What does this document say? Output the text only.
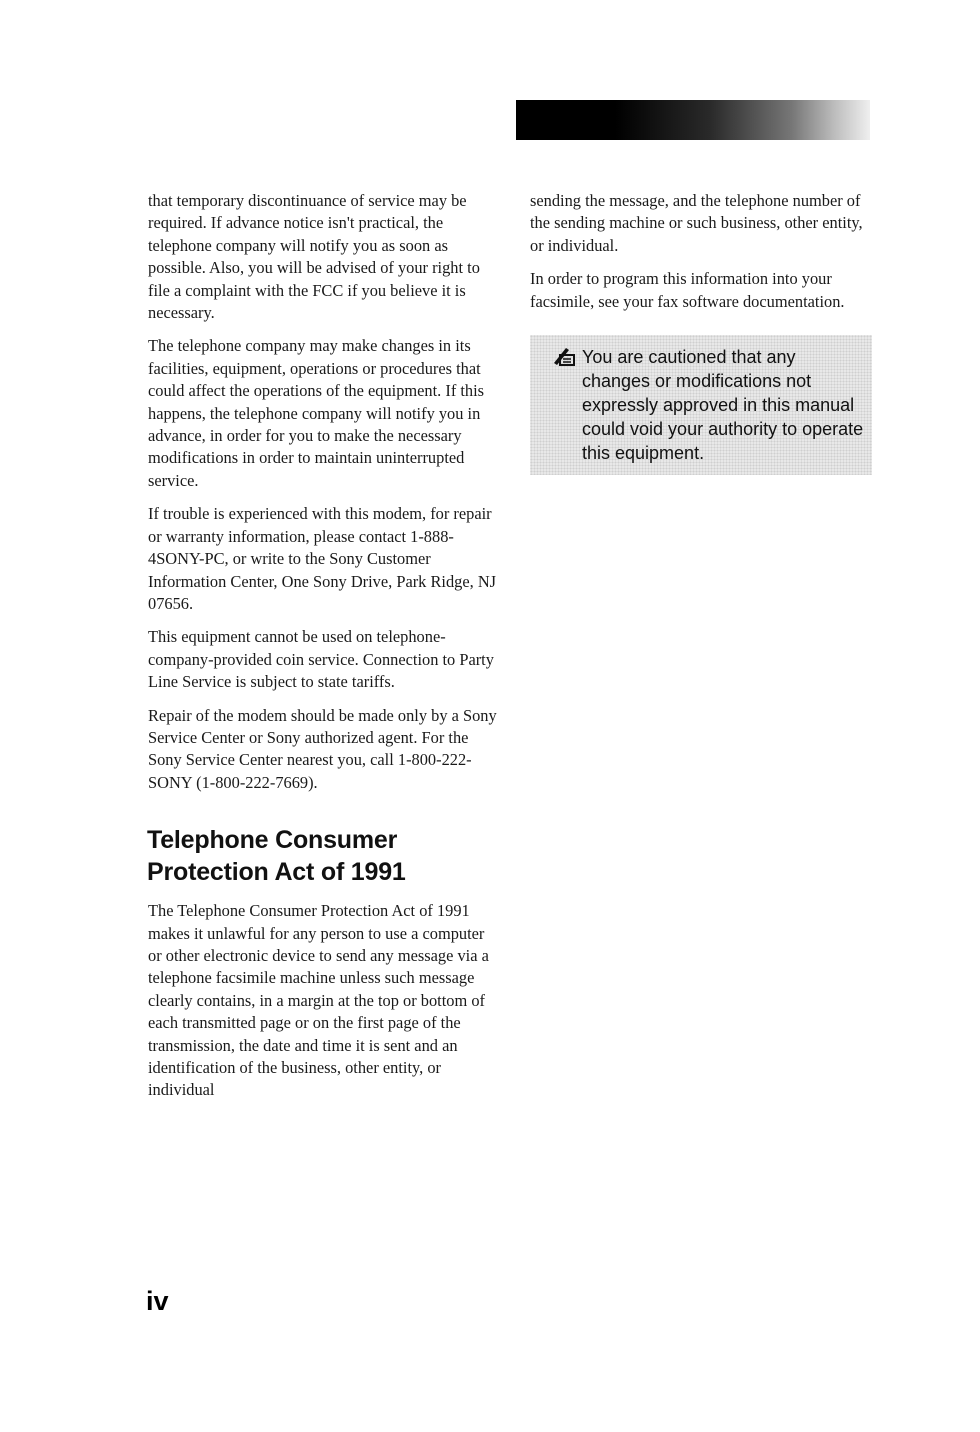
that temporary discontinuance of service may be required. If advance notice isn't practical, the telephone company will notify you as soon as possible. Also, you will be advised of your right to file a complaint with the FCC if you believe it is necessary.

The telephone company may make changes in its facilities, equipment, operations or procedures that could affect the operations of the equipment. If this happens, the telephone company will notify you in advance, in order for you to make the necessary modifications in order to maintain uninterrupted service.

If trouble is experienced with this modem, for repair or warranty information, please contact 1-888-4SONY-PC, or write to the Sony Customer Information Center, One Sony Drive, Park Ridge, NJ 07656.

This equipment cannot be used on telephone-company-provided coin service. Connection to Party Line Service is subject to state tariffs.

Repair of the modem should be made only by a Sony Service Center or Sony authorized agent. For the Sony Service Center nearest you, call 1-800-222-SONY (1-800-222-7669).

Telephone Consumer Protection Act of 1991

The Telephone Consumer Protection Act of 1991 makes it unlawful for any person to use a computer or other electronic device to send any message via a telephone facsimile machine unless such message clearly contains, in a margin at the top or bottom of each transmitted page or on the first page of the transmission, the date and time it is sent and an identification of the business, other entity, or individual

sending the message, and the telephone number of the sending machine or such business, other entity, or individual.

In order to program this information into your facsimile, see your fax software documentation.

You are cautioned that any changes or modifications not expressly approved in this manual could void your authority to operate this equipment.
iv
